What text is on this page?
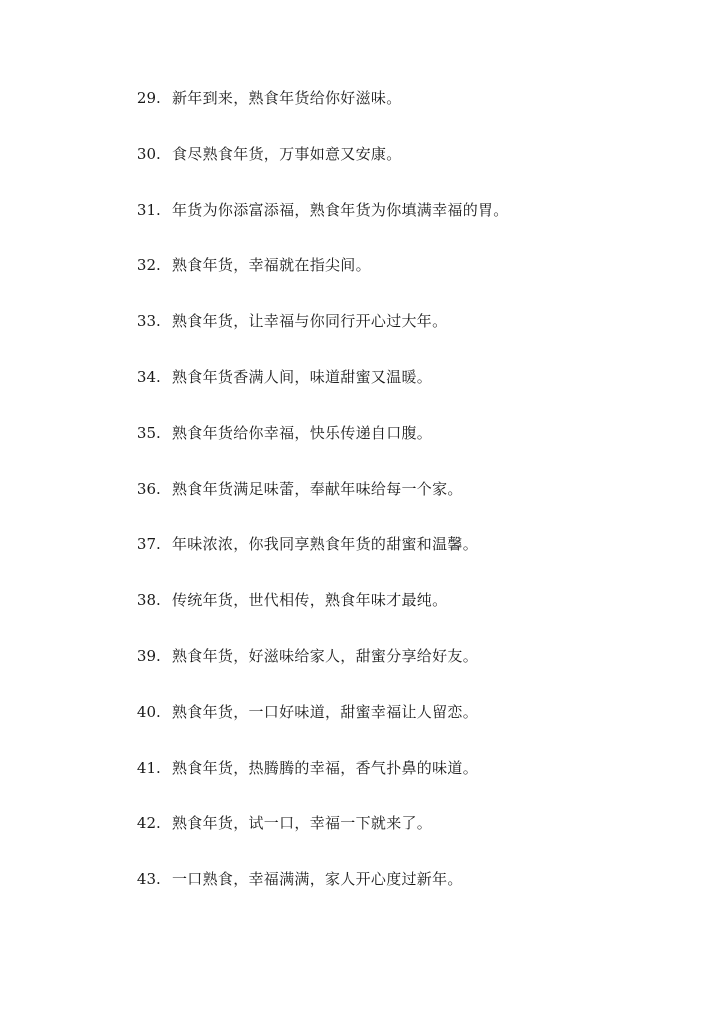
29 . 新年到来，熟食年货给你好滋味。
30 . 食尽熟食年货，万事如意又安康。
31 . 年货为你添富添福，熟食年货为你填满幸福的胃。
32 . 熟食年货，幸福就在指尖间。
33 . 熟食年货，让幸福与你同行开心过大年。
34 . 熟食年货香满人间，味道甜蜜又温暖。
35 . 熟食年货给你幸福，快乐传递自口腹。
36 . 熟食年货满足味蕾，奉献年味给每一个家。
37 . 年味浓浓，你我同享熟食年货的甜蜜和温馨。
38 . 传统年货，世代相传，熟食年味才最纯。
39 . 熟食年货，好滋味给家人，甜蜜分享给好友。
40 . 熟食年货，一口好味道，甜蜜幸福让人留恋。
41 . 熟食年货，热腾腾的幸福，香气扑鼻的味道。
42 . 熟食年货，试一口，幸福一下就来了。
43 . 一口熟食，幸福满满，家人开心度过新年。
